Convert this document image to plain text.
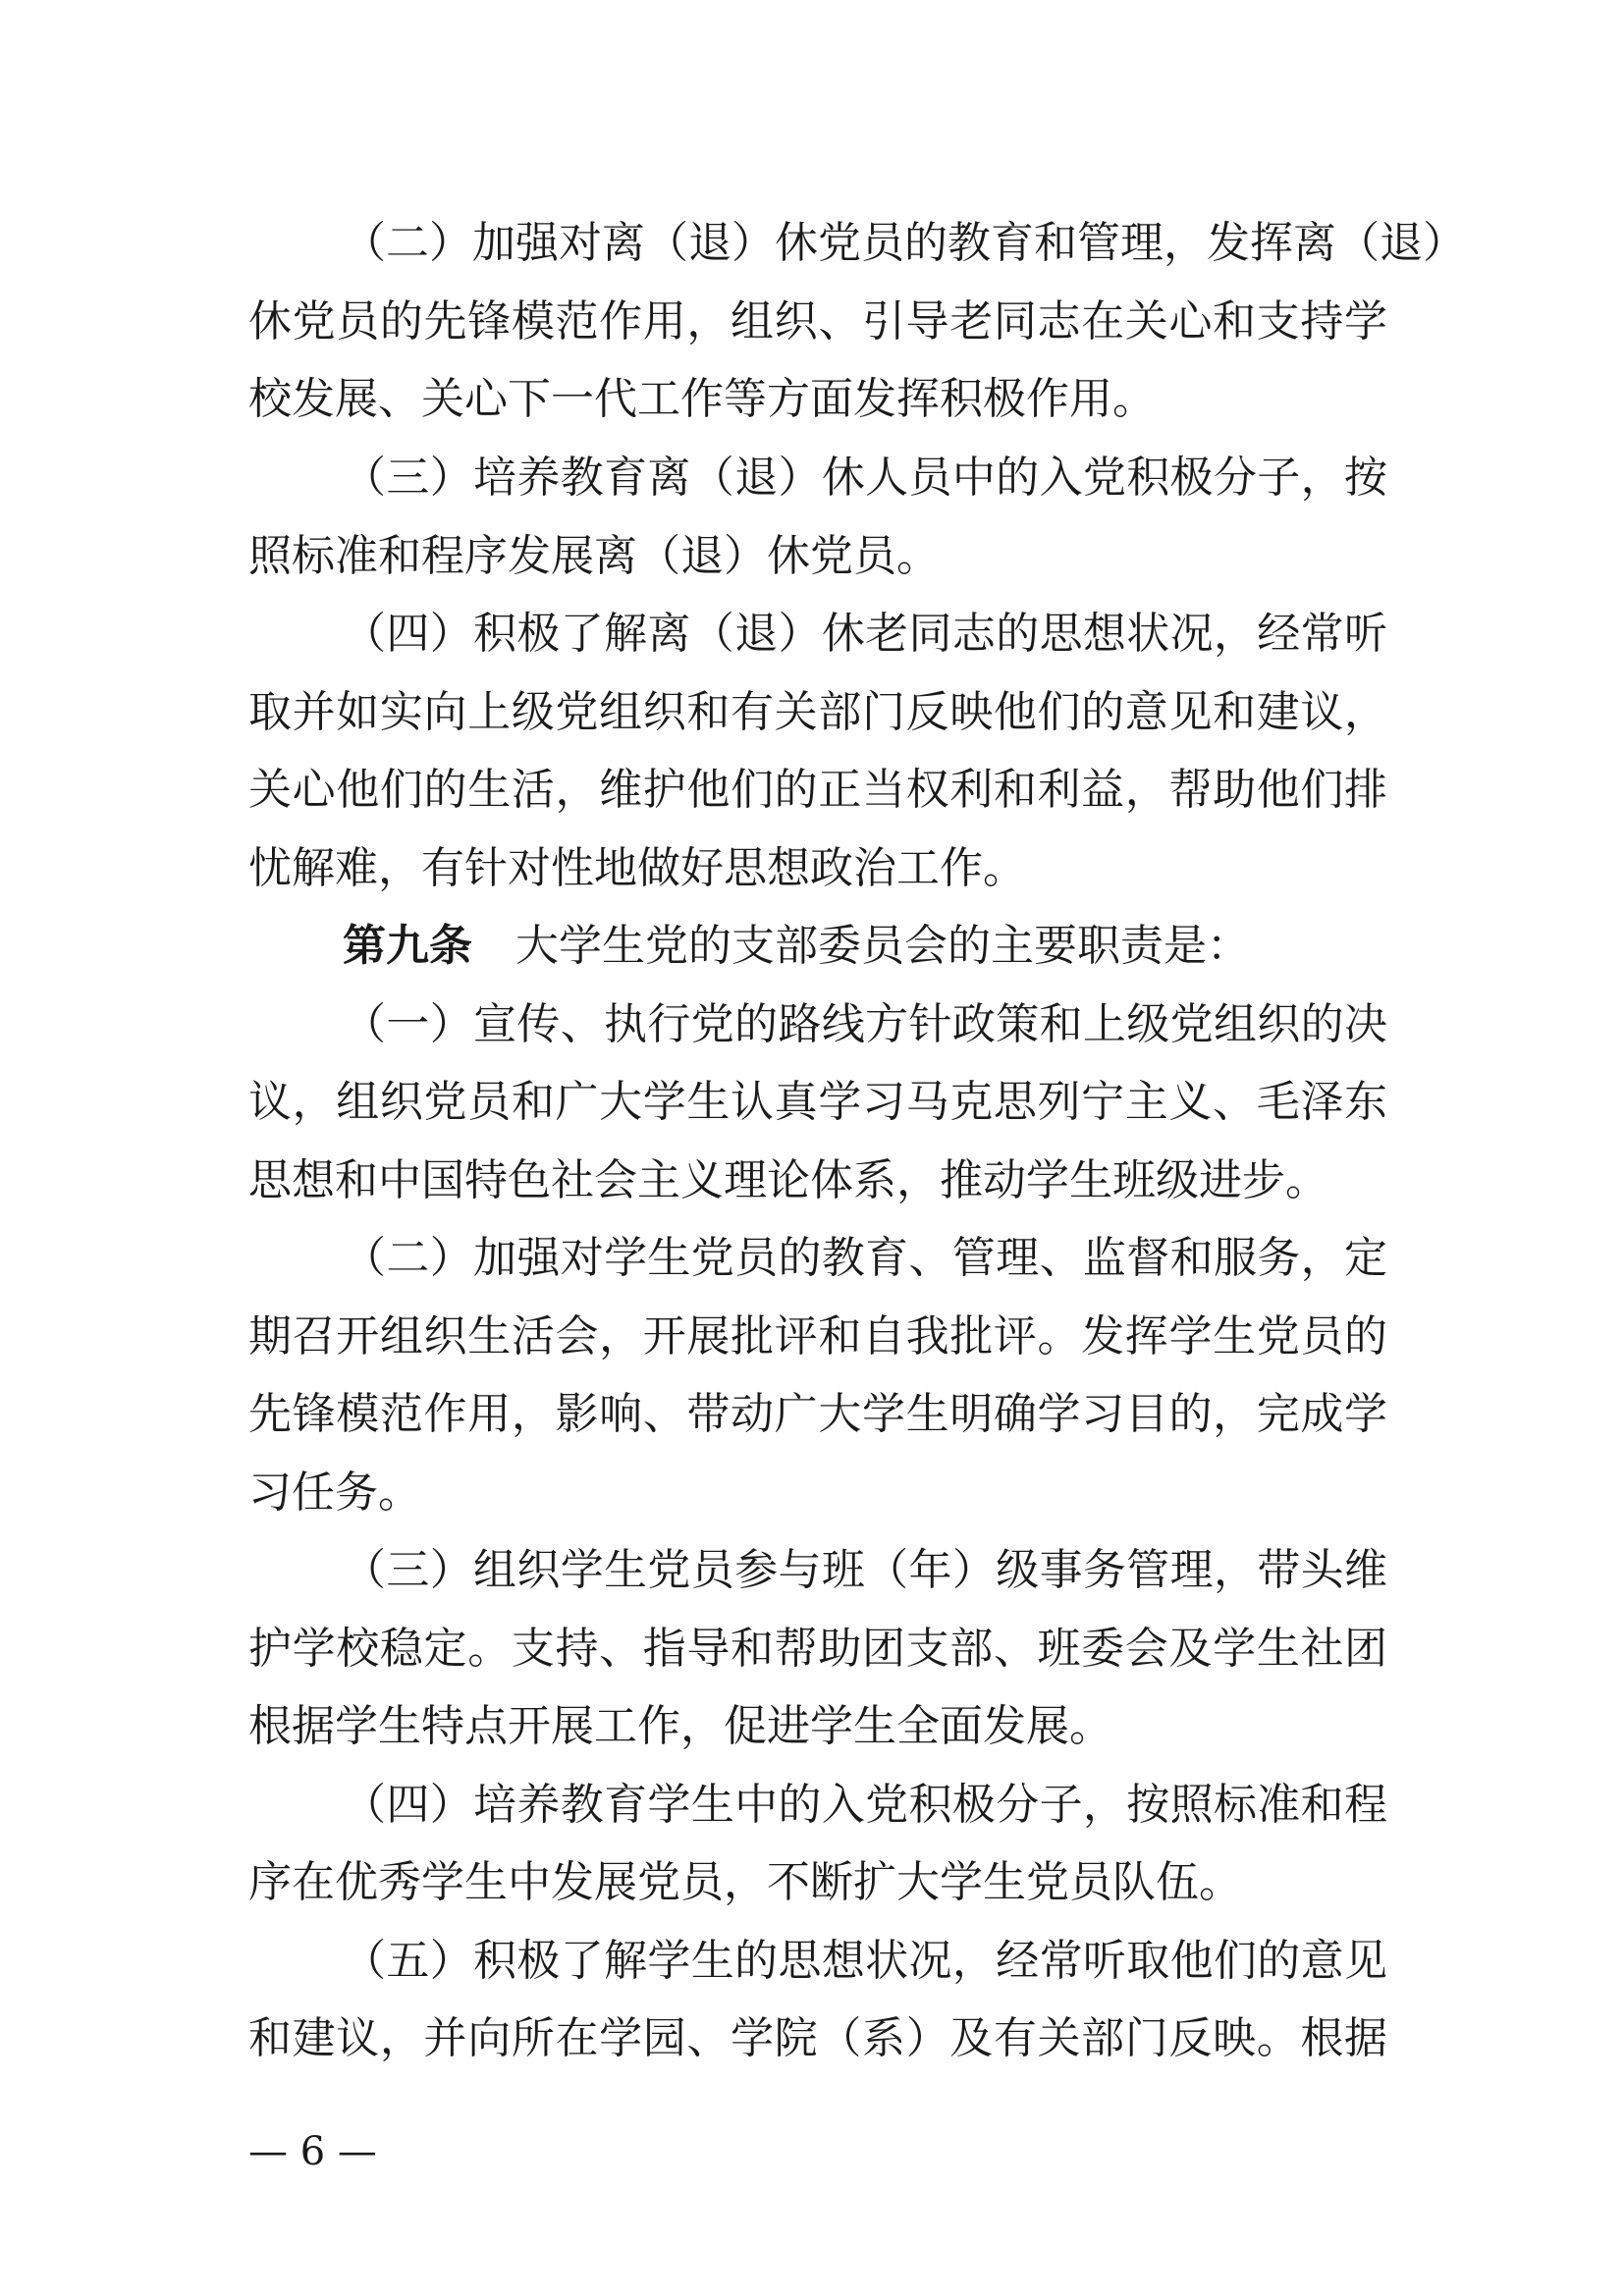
（二）加强对离（退）休党员的教育和管理，发挥离（退）
休党员的先锋模范作用，组织、引导老同志在关心和支持学
校发展、关心下一代工作等方面发挥积极作用。
（三）培养教育离（退）休人员中的入党积极分子，按
照标准和程序发展离（退）休党员。
（四）积极了解离（退）休老同志的思想状况，经常听
取并如实向上级党组织和有关部门反映他们的意见和建议，
关心他们的生活，维护他们的正当权利和利益，帮助他们排
忧解难，有针对性地做好思想政治工作。
第九条 大学生党的支部委员会的主要职责是：
（一）宣传、执行党的路线方针政策和上级党组织的决
议，组织党员和广大学生认真学习马克思列宁主义、毛泽东
思想和中国特色社会主义理论体系，推动学生班级进步。
（二）加强对学生党员的教育、管理、监督和服务，定
期召开组织生活会，开展批评和自我批评。发挥学生党员的
先锋模范作用，影响、带动广大学生明确学习目的，完成学
习任务。
（三）组织学生党员参与班（年）级事务管理，带头维
护学校稳定。支持、指导和帮助团支部、班委会及学生社团
根据学生特点开展工作，促进学生全面发展。
（四）培养教育学生中的入党积极分子，按照标准和程
序在优秀学生中发展党员，不断扩大学生党员队伍。
（五）积极了解学生的思想状况，经常听取他们的意见
和建议，并向所在学园、学院（系）及有关部门反映。根据
— 6 —
